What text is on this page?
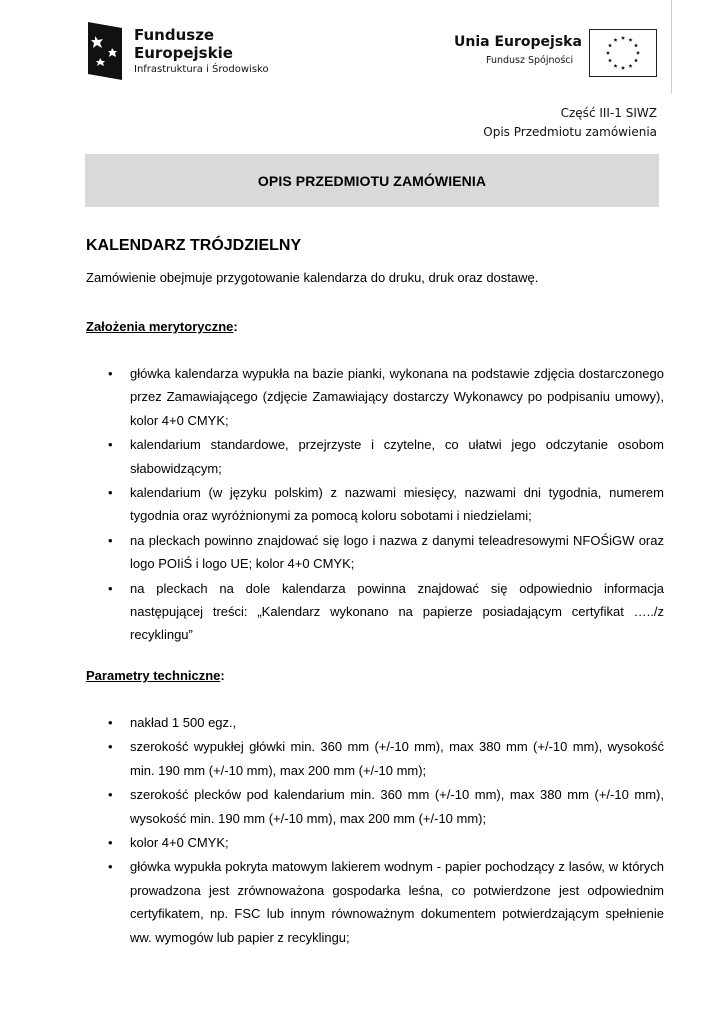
Fundusze
Europejskie
Infrastruktura i Środowisko
Unia Europejska
Fundusz Spójności
Część III-1 SIWZ
Opis Przedmiotu zamówienia
OPIS PRZEDMIOTU ZAMÓWIENIA
KALENDARZ TRÓJDZIELNY
Zamówienie obejmuje przygotowanie kalendarza do druku, druk oraz dostawę.
Założenia merytoryczne:
• główka kalendarza wypukła na bazie pianki, wykonana na podstawie zdjęcia dostarczonego przez Zamawiającego (zdjęcie Zamawiający dostarczy Wykonawcy po podpisaniu umowy), kolor 4+0 CMYK;
• kalendarium standardowe, przejrzyste i czytelne, co ułatwi jego odczytanie osobom słabowidzącym;
• kalendarium (w języku polskim) z nazwami miesięcy, nazwami dni tygodnia, numerem tygodnia oraz wyróżnionymi za pomocą koloru sobotami i niedzielami;
• na pleckach powinno znajdować się logo i nazwa z danymi teleadresowymi NFOŚiGW oraz logo POIiŚ i logo UE; kolor 4+0 CMYK;
• na pleckach na dole kalendarza powinna znajdować się odpowiednio informacja następującej treści: „Kalendarz wykonano na papierze posiadającym certyfikat …../z recyklingu”
Parametry techniczne:
• nakład 1 500 egz.,
• szerokość wypukłej główki min. 360 mm (+/-10 mm), max 380 mm (+/-10 mm), wysokość min. 190 mm (+/-10 mm), max 200 mm (+/-10 mm);
• szerokość plecków pod kalendarium min. 360 mm (+/-10 mm), max 380 mm (+/-10 mm), wysokość min. 190 mm (+/-10 mm), max 200 mm (+/-10 mm);
• kolor 4+0 CMYK;
• główka wypukła pokryta matowym lakierem wodnym - papier pochodzący z lasów, w których prowadzona jest zrównoważona gospodarka leśna, co potwierdzone jest odpowiednim certyfikatem, np. FSC lub innym równoważnym dokumentem potwierdzającym spełnienie ww. wymogów lub papier z recyklingu;
